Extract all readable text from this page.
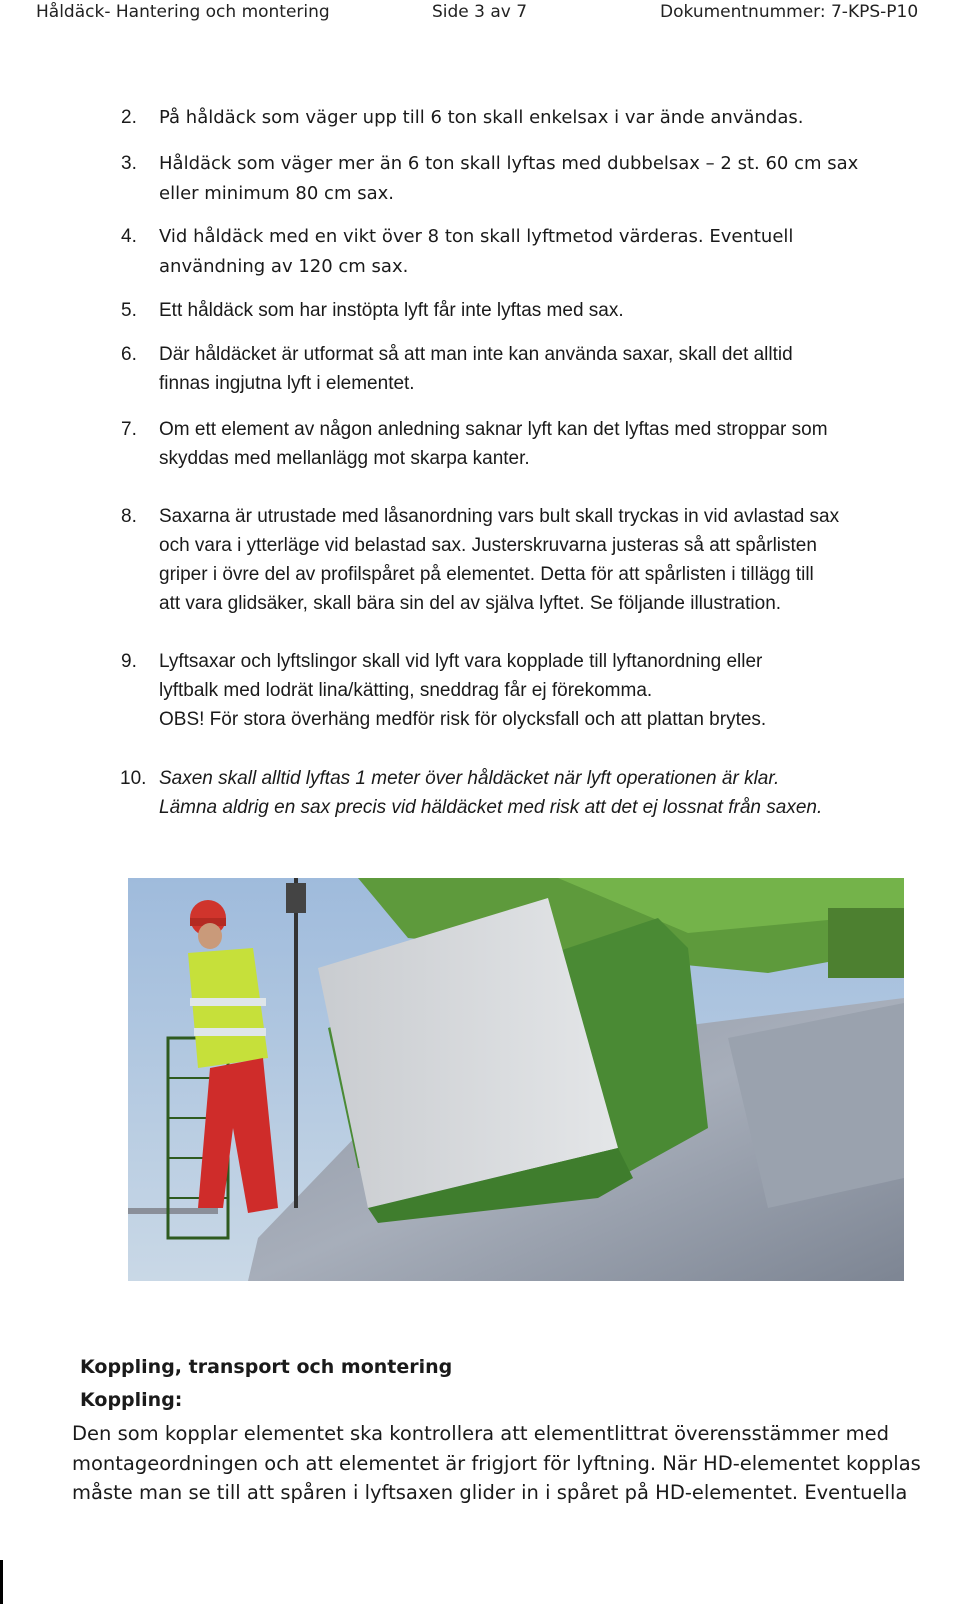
Håldäck- Hantering och montering	Side 3 av 7	Dokumentnummer: 7-KPS-P10
2.	På håldäck som väger upp till 6 ton skall enkelsax i var ände användas.
3.	Håldäck som väger mer än 6 ton skall lyftas med dubbelsax – 2 st. 60 cm sax
eller minimum 80 cm sax.
4.	Vid håldäck med en vikt över 8 ton skall lyftmetod värderas. Eventuell
användning av 120 cm sax.
5.	Ett håldäck som har instöpta lyft får inte lyftas med sax.
6.	Där håldäcket är utformat så att man inte kan använda saxar, skall det alltid
finnas ingjutna lyft i elementet.
7.	Om ett element av någon anledning saknar lyft kan det lyftas med stroppar som
skyddas med mellanlägg mot skarpa kanter.
8.	Saxarna är utrustade med låsanordning vars bult skall tryckas in vid avlastad sax
och vara i ytterläge vid belastad sax. Justerskruvarna justeras så att spårlisten
griper i övre del av profilspåret på elementet. Detta för att spårlisten i tillägg till
att vara glidsäker, skall bära sin del av själva lyftet. Se följande illustration.
9.	Lyftsaxar och lyftslingor skall vid lyft vara kopplade till lyftanordning eller
lyftbalk med lodrät lina/kätting, sneddrag får ej förekomma.
OBS! För stora överhäng medför risk för olycksfall och att plattan brytes.
10. Saxen skall alltid lyftas 1 meter över håldäcket när lyft operationen är klar.
Lämna aldrig en sax precis vid häldäcket med risk att det ej lossnat från saxen.
Koppling, transport och montering
Koppling:
Den som kopplar elementet ska kontrollera att elementlittrat överensstämmer med
montageordningen och att elementet är frigjort för lyftning. När HD-elementet kopplas
måste man se till att spåren i lyftsaxen glider in i spåret på HD-elementet. Eventuella
